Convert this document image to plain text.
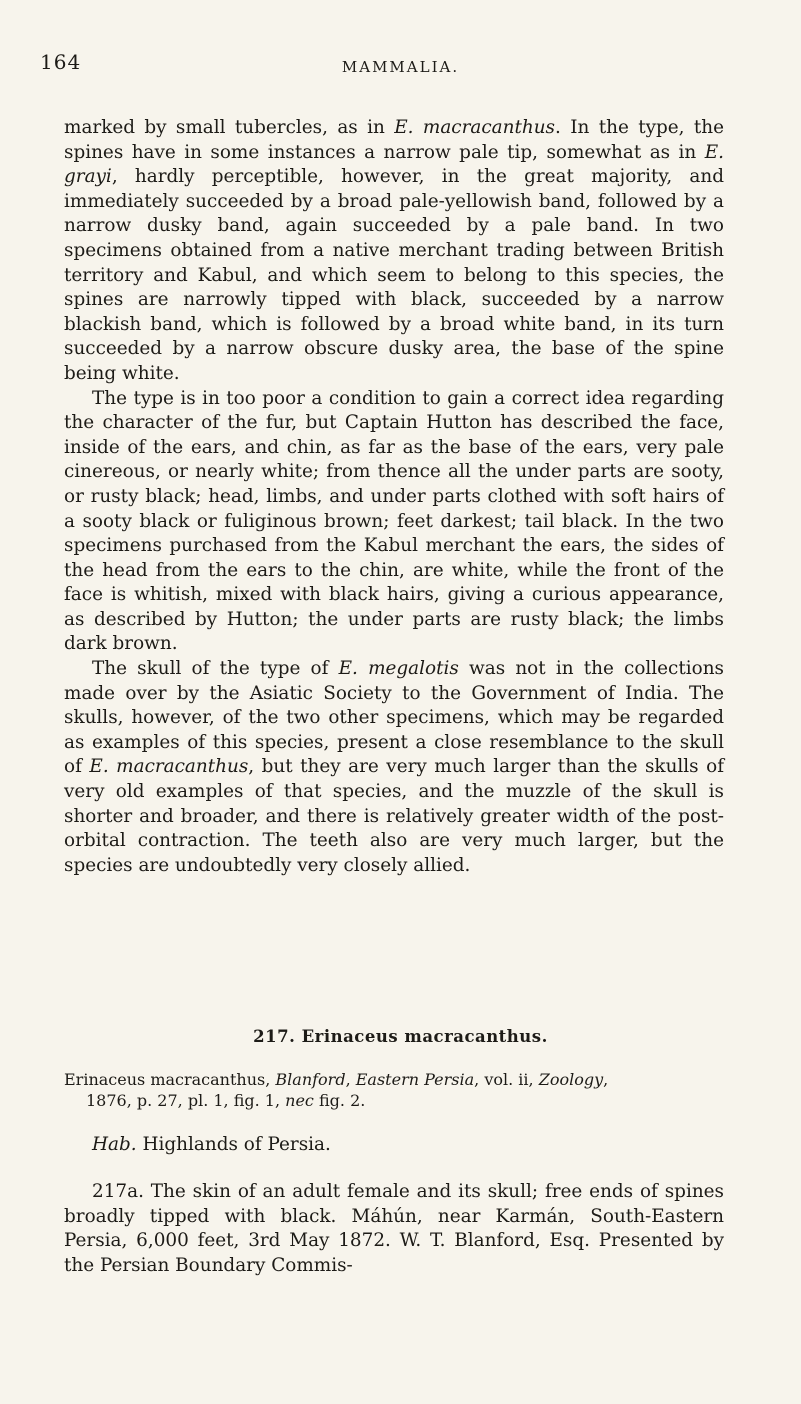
164	MAMMALIA.

marked by small tubercles, as in E. macracanthus. In the type, the spines have in some instances a narrow pale tip, somewhat as in E. grayi, hardly perceptible, however, in the great majority, and immediately succeeded by a broad pale-yellowish band, followed by a narrow dusky band, again succeeded by a pale band. In two specimens obtained from a native merchant trading between British territory and Kabul, and which seem to belong to this species, the spines are narrowly tipped with black, succeeded by a narrow blackish band, which is followed by a broad white band, in its turn succeeded by a narrow obscure dusky area, the base of the spine being white.

The type is in too poor a condition to gain a correct idea regarding the character of the fur, but Captain Hutton has described the face, inside of the ears, and chin, as far as the base of the ears, very pale cinereous, or nearly white; from thence all the under parts are sooty, or rusty black; head, limbs, and under parts clothed with soft hairs of a sooty black or fuliginous brown; feet darkest; tail black. In the two specimens purchased from the Kabul merchant the ears, the sides of the head from the ears to the chin, are white, while the front of the face is whitish, mixed with black hairs, giving a curious appearance, as described by Hutton; the under parts are rusty black; the limbs dark brown.

The skull of the type of E. megalotis was not in the collections made over by the Asiatic Society to the Government of India. The skulls, however, of the two other specimens, which may be regarded as examples of this species, present a close resemblance to the skull of E. macracanthus, but they are very much larger than the skulls of very old examples of that species, and the muzzle of the skull is shorter and broader, and there is relatively greater width of the post-orbital contraction. The teeth also are very much larger, but the species are undoubtedly very closely allied.

217. Erinaceus macracanthus.
Erinaceus macracanthus, Blanford, Eastern Persia, vol. ii, Zoology,
1876, p. 27, pl. 1, fig. 1, nec fig. 2.
Hab. Highlands of Persia.

217a. The skin of an adult female and its skull; free ends of spines broadly tipped with black. Máhún, near Karmán, South-Eastern Persia, 6,000 feet, 3rd May 1872. W. T. Blanford, Esq. Presented by the Persian Boundary Commis-
